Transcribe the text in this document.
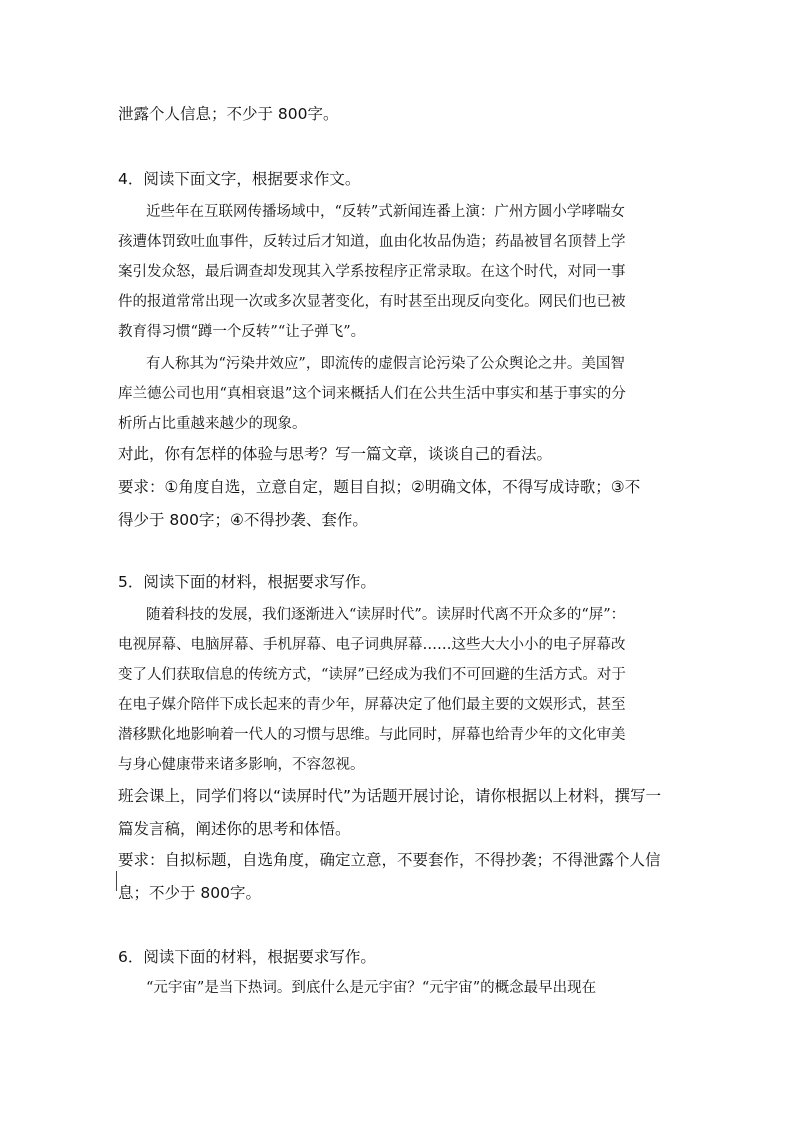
泄露个人信息；不少于 800字。
4．阅读下面文字，根据要求作文。
近些年在互联网传播场域中，“反转”式新闻连番上演：广州方圆小学哮喘女
孩遭体罚致吐血事件，反转过后才知道，血由化妆品伪造；药晶被冒名顶替上学
案引发众怒，最后调查却发现其入学系按程序正常录取。在这个时代，对同一事
件的报道常常出现一次或多次显著变化，有时甚至出现反向变化。网民们也已被
教育得习惯“蹲一个反转”“让子弹飞”。
有人称其为“污染井效应”，即流传的虚假言论污染了公众舆论之井。美国智
库兰德公司也用“真相衰退”这个词来概括人们在公共生活中事实和基于事实的分
析所占比重越来越少的现象。
对此，你有怎样的体验与思考？写一篇文章，谈谈自己的看法。
要求：①角度自选，立意自定，题目自拟；②明确文体，不得写成诗歌；③不
得少于 800字；④不得抄袭、套作。
5．阅读下面的材料，根据要求写作。
随着科技的发展，我们逐渐进入“读屏时代”。读屏时代离不开众多的“屏”：
电视屏幕、电脑屏幕、手机屏幕、电子词典屏幕……这些大大小小的电子屏幕改
变了人们获取信息的传统方式，“读屏”已经成为我们不可回避的生活方式。对于
在电子媒介陪伴下成长起来的青少年，屏幕决定了他们最主要的文娱形式，甚至
潜移默化地影响着一代人的习惯与思维。与此同时，屏幕也给青少年的文化审美
与身心健康带来诸多影响，不容忽视。
班会课上，同学们将以“读屏时代”为话题开展讨论，请你根据以上材料，撰写一
篇发言稿，阐述你的思考和体悟。
要求：自拟标题，自选角度，确定立意，不要套作，不得抄袭；不得泄露个人信
息；不少于 800字。
6．阅读下面的材料，根据要求写作。
“元宇宙”是当下热词。到底什么是元宇宙？“元宇宙”的概念最早出现在
